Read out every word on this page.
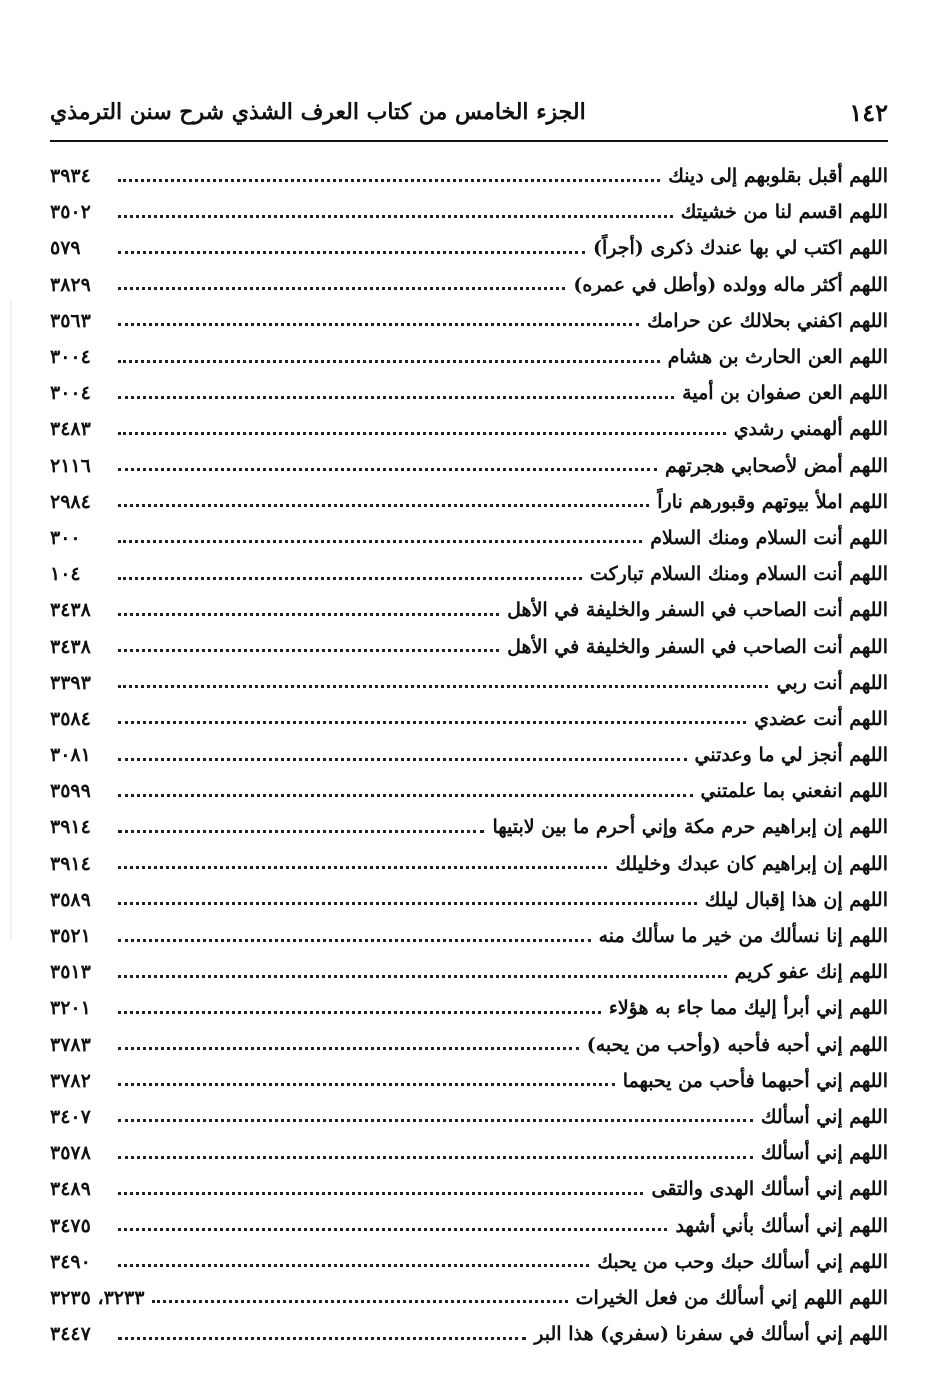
١٤٢
الجزء الخامس من كتاب العرف الشذي شرح سنن الترمذي
اللهم أقبل بقلوبهم إلى دينك
٣٩٣٤
اللهم اقسم لنا من خشيتك
٣٥٠٢
اللهم اكتب لي بها عندك ذكرى (أجراً)
٥٧٩
اللهم أكثر ماله وولده (وأطل في عمره)
٣٨٢٩
اللهم اكفني بحلالك عن حرامك
٣٥٦٣
اللهم العن الحارث بن هشام
٣٠٠٤
اللهم العن صفوان بن أمية
٣٠٠٤
اللهم ألهمني رشدي
٣٤٨٣
اللهم أمض لأصحابي هجرتهم
٢١١٦
اللهم املأ بيوتهم وقبورهم ناراً
٢٩٨٤
اللهم أنت السلام ومنك السلام
٣٠٠
اللهم أنت السلام ومنك السلام تباركت
١٠٤
اللهم أنت الصاحب في السفر والخليفة في الأهل
٣٤٣٨
اللهم أنت الصاحب في السفر والخليفة في الأهل
٣٤٣٨
اللهم أنت ربي
٣٣٩٣
اللهم أنت عضدي
٣٥٨٤
اللهم أنجز لي ما وعدتني
٣٠٨١
اللهم انفعني بما علمتني
٣٥٩٩
اللهم إن إبراهيم حرم مكة وإني أحرم ما بين لابتيها
٣٩١٤
اللهم إن إبراهيم كان عبدك وخليلك
٣٩١٤
اللهم إن هذا إقبال ليلك
٣٥٨٩
اللهم إنا نسألك من خير ما سألك منه
٣٥٢١
اللهم إنك عفو كريم
٣٥١٣
اللهم إني أبرأ إليك مما جاء به هؤلاء
٣٢٠١
اللهم إني أحبه فأحبه (وأحب من يحبه)
٣٧٨٣
اللهم إني أحبهما فأحب من يحبهما
٣٧٨٢
اللهم إني أسألك
٣٤٠٧
اللهم إني أسألك
٣٥٧٨
اللهم إني أسألك الهدى والتقى
٣٤٨٩
اللهم إني أسألك بأني أشهد
٣٤٧٥
اللهم إني أسألك حبك وحب من يحبك
٣٤٩٠
اللهم اللهم إني أسألك من فعل الخيرات
٣٢٣٣، ٣٢٣٥
اللهم إني أسألك في سفرنا (سفري) هذا البر
٣٤٤٧
